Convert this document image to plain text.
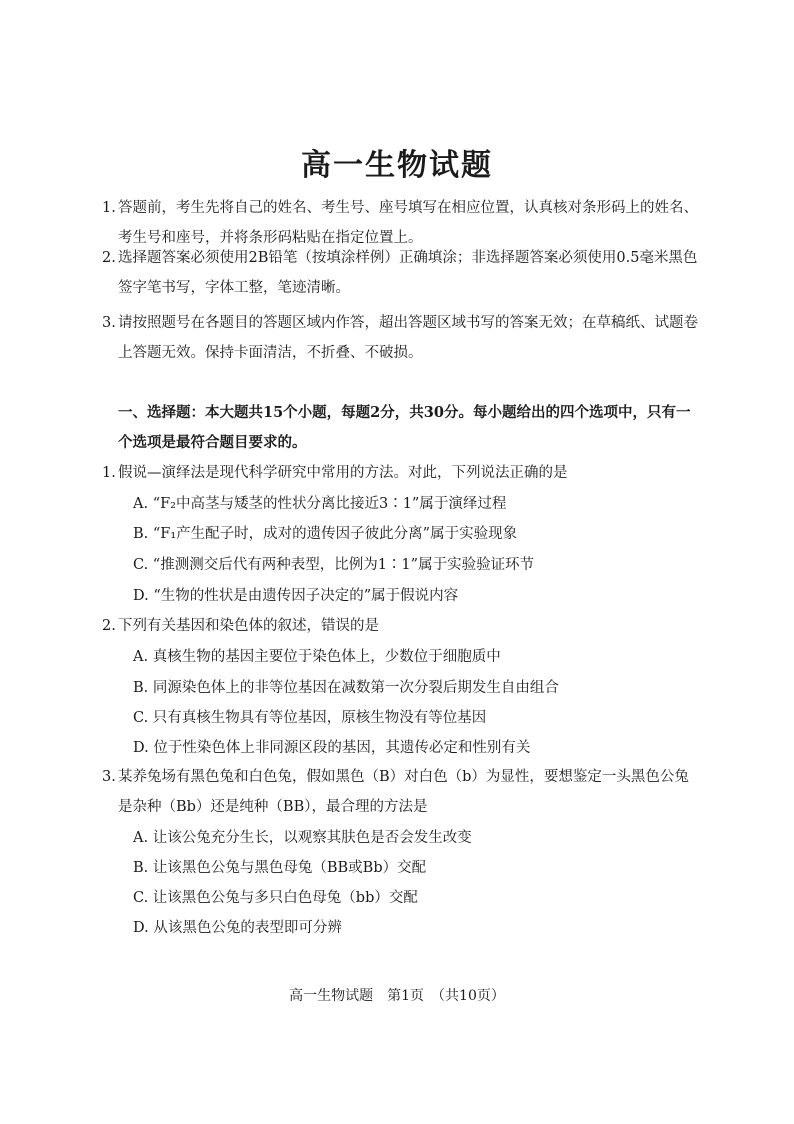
高一生物试题
1. 答题前，考生先将自己的姓名、考生号、座号填写在相应位置，认真核对条形码上的姓名、考生号和座号，并将条形码粘贴在指定位置上。
2. 选择题答案必须使用2B铅笔（按填涂样例）正确填涂；非选择题答案必须使用0.5毫米黑色签字笔书写，字体工整，笔迹清晰。
3. 请按照题号在各题目的答题区域内作答，超出答题区域书写的答案无效；在草稿纸、试题卷上答题无效。保持卡面清洁，不折叠、不破损。
一、选择题：本大题共15个小题，每题2分，共30分。每小题给出的四个选项中，只有一个选项是最符合题目要求的。
1. 假说—演绎法是现代科学研究中常用的方法。对此，下列说法正确的是
A. “F₂中高茎与矮茎的性状分离比接近3∶1”属于演绎过程
B. “F₁产生配子时，成对的遗传因子彼此分离”属于实验现象
C. “推测测交后代有两种表型，比例为1∶1”属于实验验证环节
D. “生物的性状是由遗传因子决定的”属于假说内容
2. 下列有关基因和染色体的叙述，错误的是
A. 真核生物的基因主要位于染色体上，少数位于细胞质中
B. 同源染色体上的非等位基因在减数第一次分裂后期发生自由组合
C. 只有真核生物具有等位基因，原核生物没有等位基因
D. 位于性染色体上非同源区段的基因，其遗传必定和性别有关
3. 某养兔场有黑色兔和白色兔，假如黑色（B）对白色（b）为显性，要想鉴定一头黑色公兔是杂种（Bb）还是纯种（BB），最合理的方法是
A. 让该公兔充分生长，以观察其肤色是否会发生改变
B. 让该黑色公兔与黑色母兔（BB或Bb）交配
C. 让该黑色公兔与多只白色母兔（bb）交配
D. 从该黑色公兔的表型即可分辨
高一生物试题　第1页　（共10页）
